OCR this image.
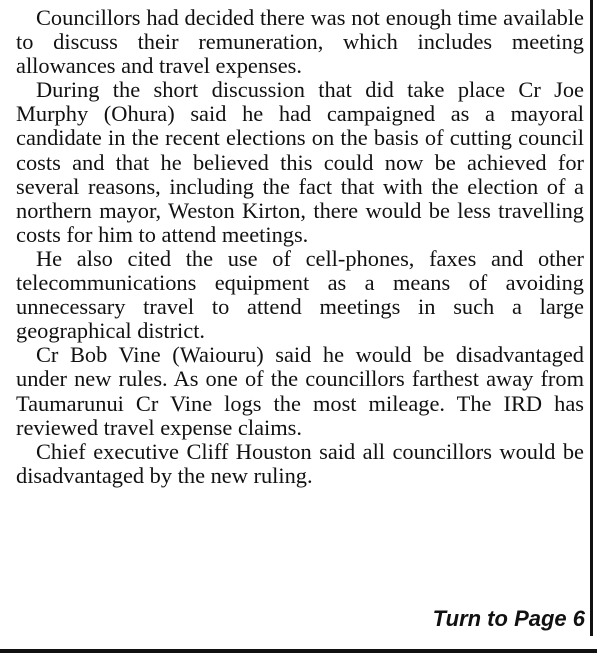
Councillors had decided there was not enough time available to discuss their remuneration, which includes meeting allowances and travel expenses.

During the short discussion that did take place Cr Joe Murphy (Ohura) said he had campaigned as a mayoral candidate in the recent elections on the basis of cutting council costs and that he believed this could now be achieved for several reasons, including the fact that with the election of a northern mayor, Weston Kirton, there would be less travelling costs for him to attend meetings.

He also cited the use of cell-phones, faxes and other telecommunications equipment as a means of avoiding unnecessary travel to attend meetings in such a large geographical district.

Cr Bob Vine (Waiouru) said he would be disadvantaged under new rules. As one of the councillors farthest away from Taumarunui Cr Vine logs the most mileage. The IRD has reviewed travel expense claims.

Chief executive Cliff Houston said all councillors would be disadvantaged by the new ruling.

Turn to Page 6
